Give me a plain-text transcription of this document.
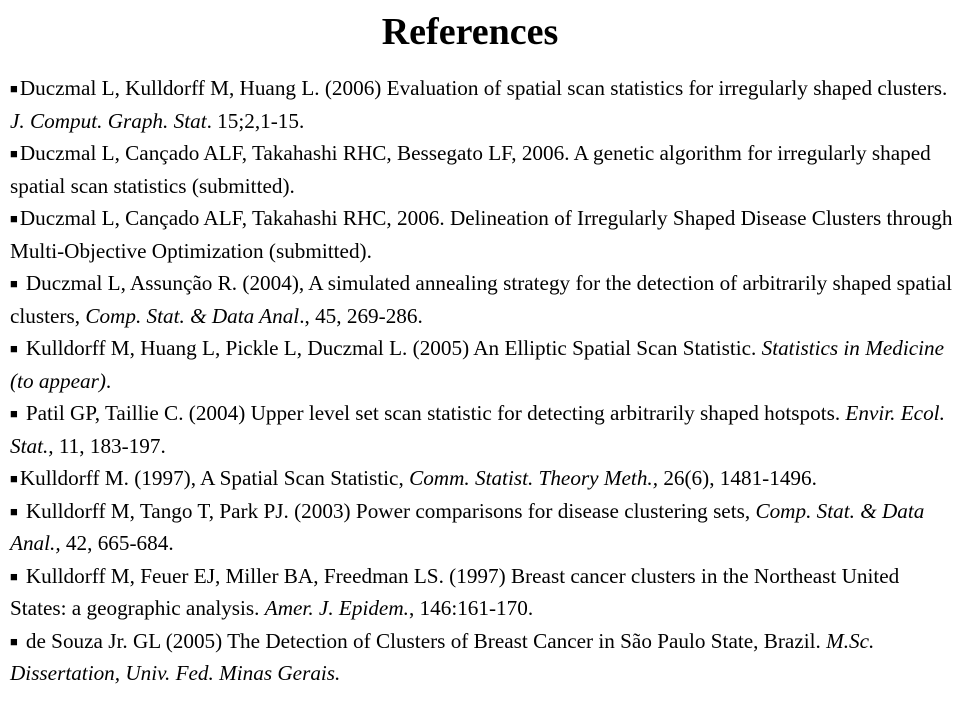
References
■Duczmal L, Kulldorff M, Huang L. (2006) Evaluation of spatial scan statistics for irregularly shaped clusters. J. Comput. Graph. Stat. 15;2,1-15.
■Duczmal L, Cançado ALF, Takahashi RHC, Bessegato LF, 2006. A genetic algorithm for irregularly shaped spatial scan statistics (submitted).
■Duczmal L, Cançado ALF, Takahashi RHC, 2006. Delineation of Irregularly Shaped Disease Clusters through Multi-Objective Optimization (submitted).
■ Duczmal L, Assunção R. (2004), A simulated annealing strategy for the detection of arbitrarily shaped spatial clusters, Comp. Stat. & Data Anal., 45, 269-286.
■ Kulldorff M, Huang L, Pickle L, Duczmal L. (2005) An Elliptic Spatial Scan Statistic. Statistics in Medicine (to appear).
■ Patil GP, Taillie C. (2004) Upper level set scan statistic for detecting arbitrarily shaped hotspots. Envir. Ecol. Stat., 11, 183-197.
■Kulldorff M. (1997), A Spatial Scan Statistic, Comm. Statist. Theory Meth., 26(6), 1481-1496.
■ Kulldorff M, Tango T, Park PJ. (2003) Power comparisons for disease clustering sets, Comp. Stat. & Data Anal., 42, 665-684.
■ Kulldorff M, Feuer EJ, Miller BA, Freedman LS. (1997) Breast cancer clusters in the Northeast United States: a geographic analysis. Amer. J. Epidem., 146:161-170.
■ de Souza Jr. GL (2005) The Detection of Clusters of Breast Cancer in São Paulo State, Brazil. M.Sc. Dissertation, Univ. Fed. Minas Gerais.
